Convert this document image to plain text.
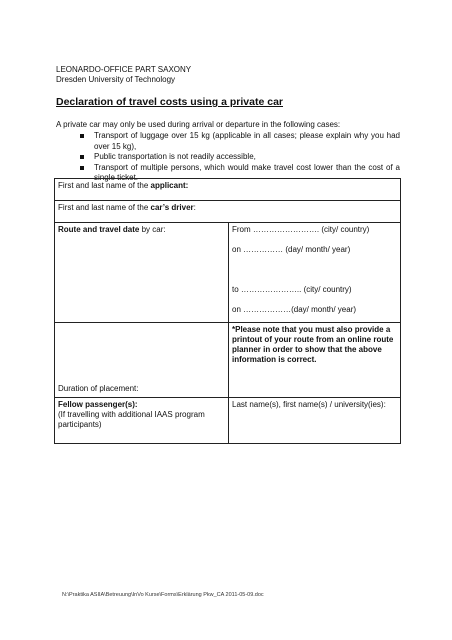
LEONARDO-OFFICE PART SAXONY
Dresden University of Technology
Declaration of travel costs using a private car
A private car may only be used during arrival or departure in the following cases:
Transport of luggage over 15 kg (applicable in all cases; please explain why you had over 15 kg),
Public transportation is not readily accessible,
Transport of multiple persons, which would make travel cost lower than the cost of a single ticket.
First and last name of the applicant:	
First and last name of the car’s driver:	
Route and travel date by car:	From ……………………. (city/ country)
on …………… (day/ month/ year)
to ………………….. (city/ country)
on ………………(day/ month/ year)

Duration of placement:	*Please note that you must also provide a printout of your route from an online route planner in order to show that the above information is correct.
Fellow passenger(s):
(If travelling with additional IAAS program participants)	Last name(s), first name(s) / university(ies):
N:\Praktika ASIIA\Betreuung\InVo Kurse\Forms\Erklärung Pkw_CA 2011-05-09.doc
